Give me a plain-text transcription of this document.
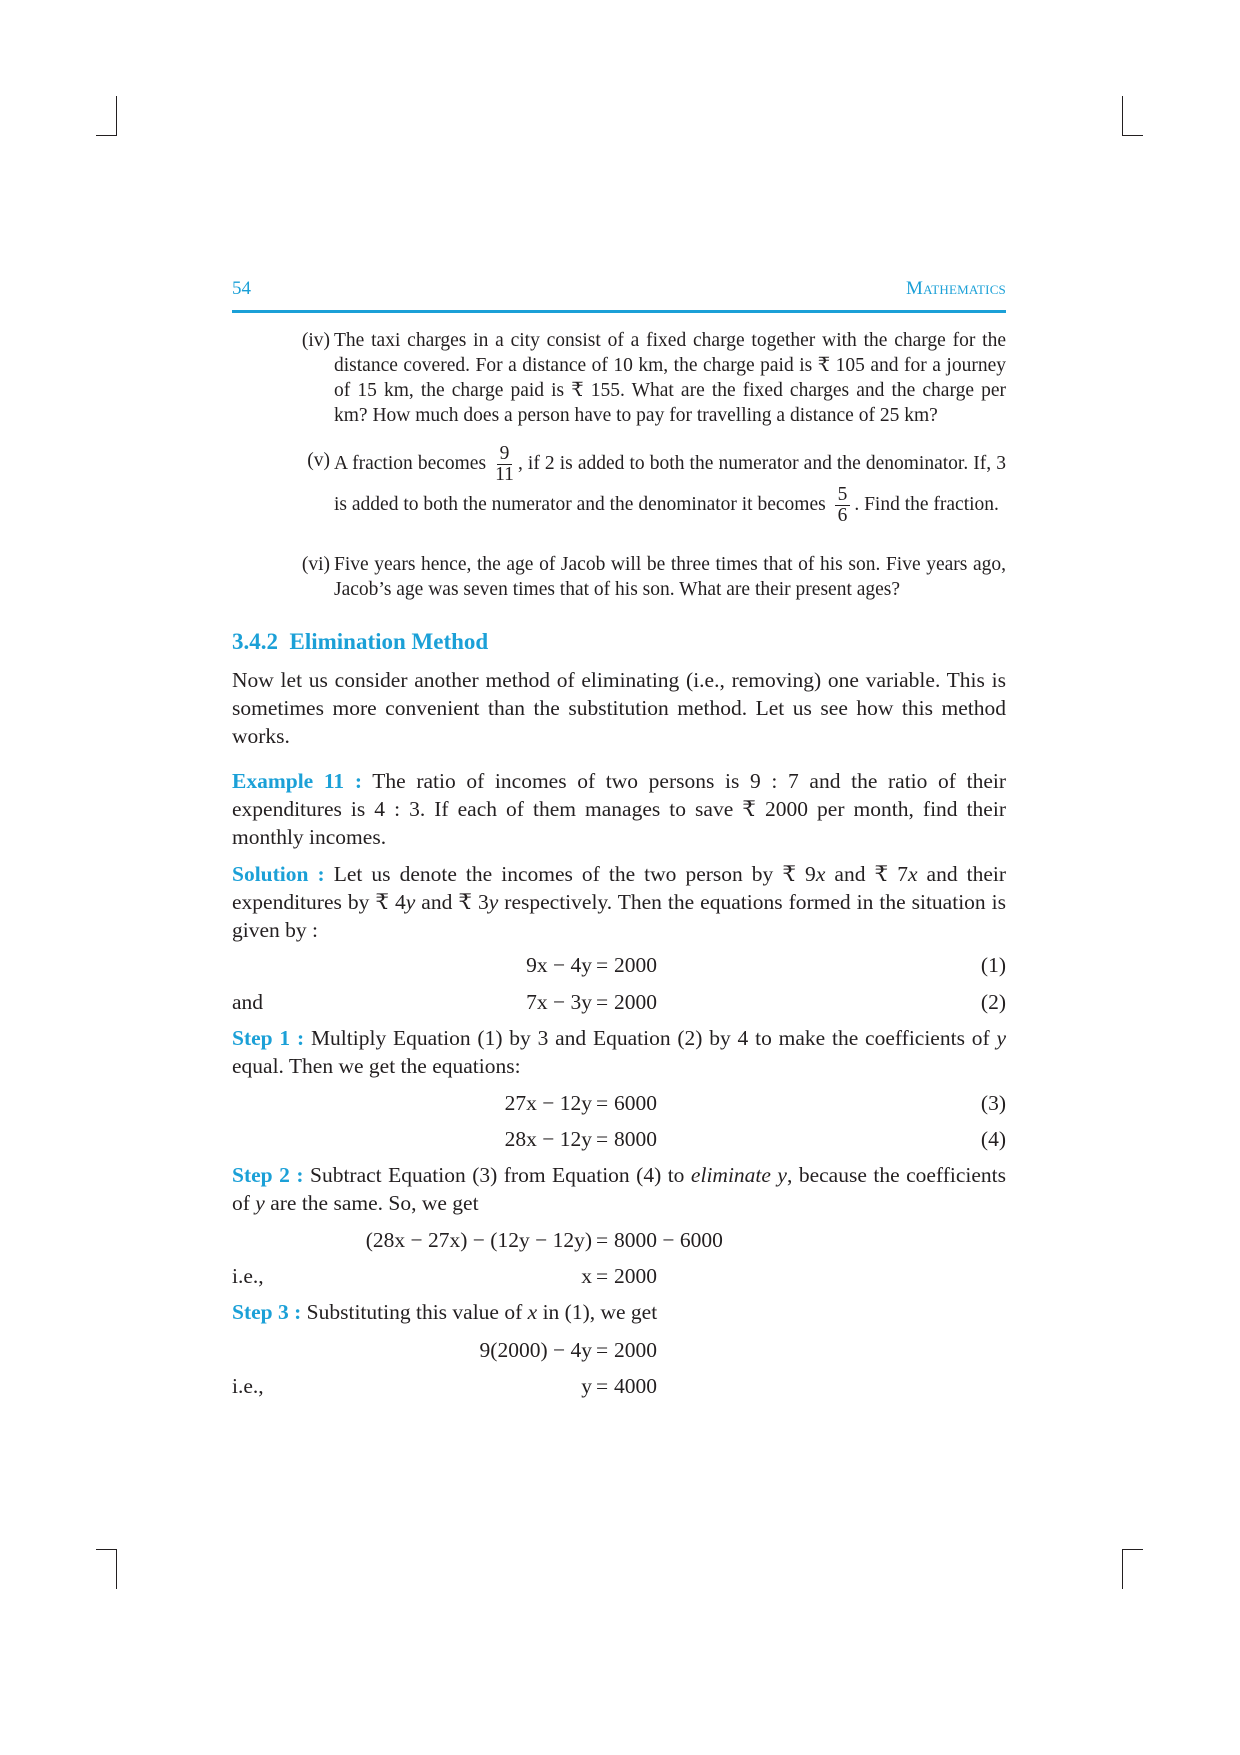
54	Mathematics
(iv) The taxi charges in a city consist of a fixed charge together with the charge for the distance covered. For a distance of 10 km, the charge paid is ₹ 105 and for a journey of 15 km, the charge paid is ₹ 155. What are the fixed charges and the charge per km? How much does a person have to pay for travelling a distance of 25 km?
(v) A fraction becomes $\frac{9}{11}$ , if 2 is added to both the numerator and the denominator. If, 3 is added to both the numerator and the denominator it becomes $\frac{5}{6}$ . Find the fraction.
(vi) Five years hence, the age of Jacob will be three times that of his son. Five years ago, Jacob’s age was seven times that of his son. What are their present ages?
3.4.2 Elimination Method
Now let us consider another method of eliminating (i.e., removing) one variable. This is sometimes more convenient than the substitution method. Let us see how this method works.
Example 11 : The ratio of incomes of two persons is 9 : 7 and the ratio of their expenditures is 4 : 3. If each of them manages to save ₹ 2000 per month, find their monthly incomes.
Solution : Let us denote the incomes of the two person by ₹ 9x and ₹ 7x and their expenditures by ₹ 4y and ₹ 3y respectively. Then the equations formed in the situation is given by :
9x − 4y = 2000	(1)
and	7x − 3y = 2000	(2)
Step 1 : Multiply Equation (1) by 3 and Equation (2) by 4 to make the coefficients of y equal. Then we get the equations:
27x − 12y = 6000	(3)
28x − 12y = 8000	(4)
Step 2 : Subtract Equation (3) from Equation (4) to eliminate y, because the coefficients of y are the same. So, we get
(28x − 27x) − (12y − 12y) = 8000 − 6000
i.e.,	x = 2000
Step 3 : Substituting this value of x in (1), we get
9(2000) − 4y = 2000
i.e.,	y = 4000
